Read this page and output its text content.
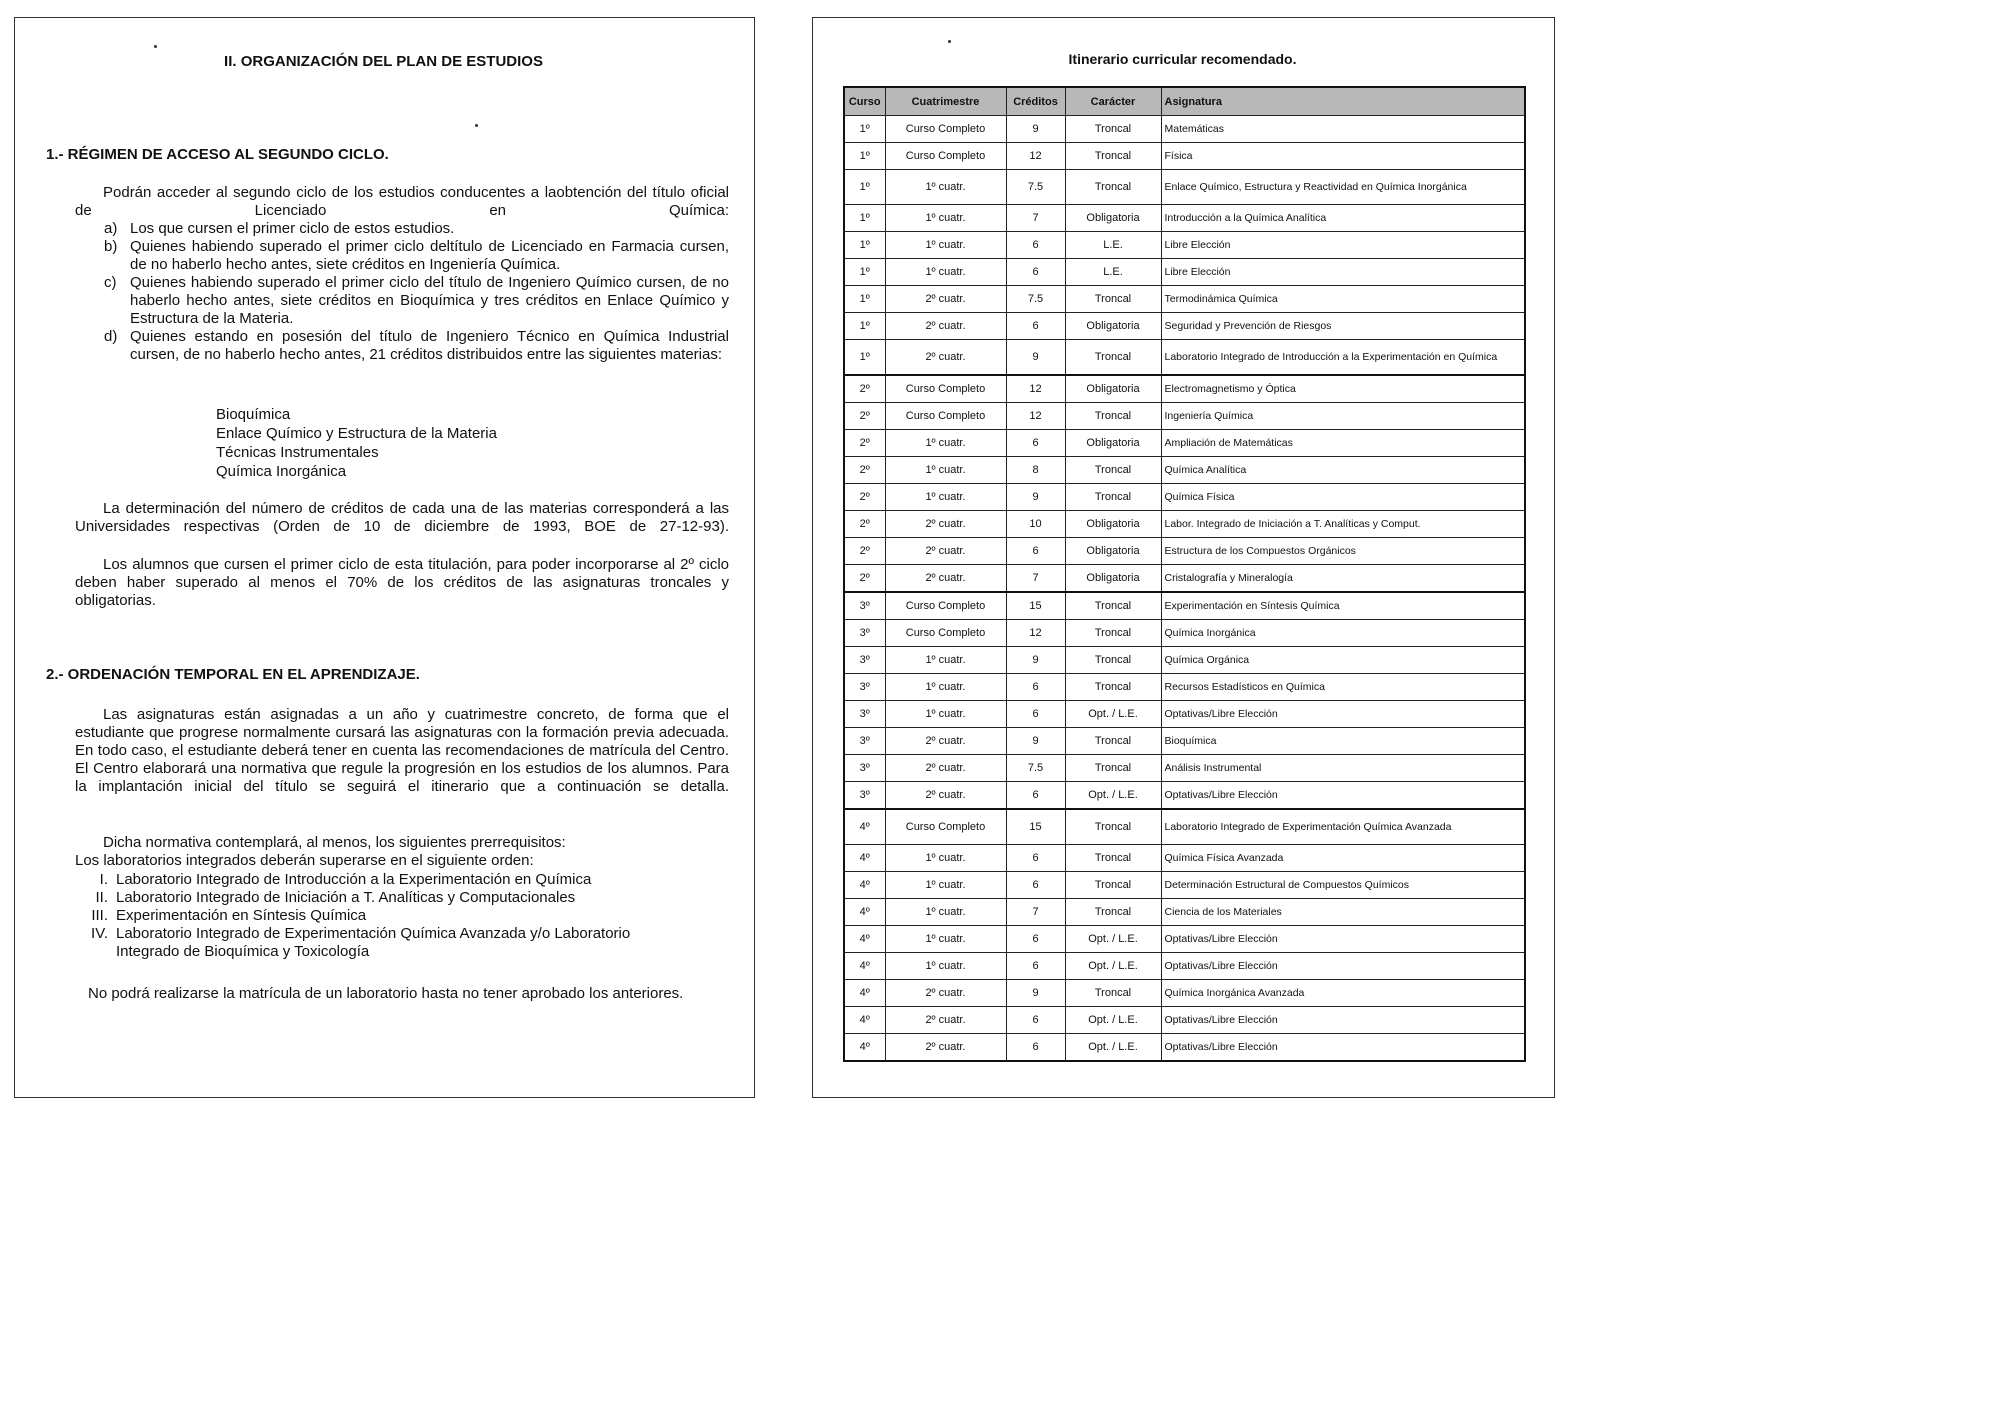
II. ORGANIZACIÓN DEL PLAN DE ESTUDIOS
1.- RÉGIMEN DE ACCESO AL SEGUNDO CICLO.
Podrán acceder al segundo ciclo de los estudios conducentes a laobtención del título oficial de Licenciado en Química:
a) Los que cursen el primer ciclo de estos estudios.
b) Quienes habiendo superado el primer ciclo deltítulo de Licenciado en Farmacia cursen, de no haberlo hecho antes, siete créditos en Ingeniería Química.
c) Quienes habiendo superado el primer ciclo del título de Ingeniero Químico cursen, de no haberlo hecho antes, siete créditos en Bioquímica y tres créditos en Enlace Químico y Estructura de la Materia.
d) Quienes estando en posesión del título de Ingeniero Técnico en Química Industrial cursen, de no haberlo hecho antes, 21 créditos distribuidos entre las siguientes materias:
Bioquímica
Enlace Químico y Estructura de la Materia
Técnicas Instrumentales
Química Inorgánica
La determinación del número de créditos de cada una de las materias corresponderá a las Universidades respectivas (Orden de 10 de diciembre de 1993, BOE de 27-12-93).
Los alumnos que cursen el primer ciclo de esta titulación, para poder incorporarse al 2º ciclo deben haber superado al menos el 70% de los créditos de las asignaturas troncales y obligatorias.
2.- ORDENACIÓN TEMPORAL EN EL APRENDIZAJE.
Las asignaturas están asignadas a un año y cuatrimestre concreto, de forma que el estudiante que progrese normalmente cursará las asignaturas con la formación previa adecuada. En todo caso, el estudiante deberá tener en cuenta las recomendaciones de matrícula del Centro. El Centro elaborará una normativa que regule la progresión en los estudios de los alumnos. Para la implantación inicial del título se seguirá el itinerario que a continuación se detalla.
Dicha normativa contemplará, al menos, los siguientes prerrequisitos:
Los laboratorios integrados deberán superarse en el siguiente orden:
I. Laboratorio Integrado de Introducción a la Experimentación en Química
II. Laboratorio Integrado de Iniciación a T. Analíticas y Computacionales
III. Experimentación en Síntesis Química
IV. Laboratorio Integrado de Experimentación Química Avanzada y/o Laboratorio Integrado de Bioquímica y Toxicología
No podrá realizarse la matrícula de un laboratorio hasta no tener aprobado los anteriores.
Itinerario curricular recomendado.
Curso	Cuatrimestre	Créditos	Carácter	Asignatura
1º	Curso Completo	9	Troncal	Matemáticas
1º	Curso Completo	12	Troncal	Física
1º	1º cuatr.	7.5	Troncal	Enlace Químico, Estructura y Reactividad en Química Inorgánica
1º	1º cuatr.	7	Obligatoria	Introducción a la Química Analítica
1º	1º cuatr.	6	L.E.	Libre Elección
1º	1º cuatr.	6	L.E.	Libre Elección
1º	2º cuatr.	7.5	Troncal	Termodinámica Química
1º	2º cuatr.	6	Obligatoria	Seguridad y Prevención de Riesgos
1º	2º cuatr.	9	Troncal	Laboratorio Integrado de Introducción a la Experimentación en Química
2º	Curso Completo	12	Obligatoria	Electromagnetismo y Óptica
2º	Curso Completo	12	Troncal	Ingeniería Química
2º	1º cuatr.	6	Obligatoria	Ampliación de Matemáticas
2º	1º cuatr.	8	Troncal	Química Analítica
2º	1º cuatr.	9	Troncal	Química Física
2º	2º cuatr.	10	Obligatoria	Labor. Integrado de Iniciación a T. Analíticas y Comput.
2º	2º cuatr.	6	Obligatoria	Estructura de los Compuestos Orgánicos
2º	2º cuatr.	7	Obligatoria	Cristalografía y Mineralogía
3º	Curso Completo	15	Troncal	Experimentación en Síntesis Química
3º	Curso Completo	12	Troncal	Química Inorgánica
3º	1º cuatr.	9	Troncal	Química Orgánica
3º	1º cuatr.	6	Troncal	Recursos Estadísticos en Química
3º	1º cuatr.	6	Opt. / L.E.	Optativas/Libre Elección
3º	2º cuatr.	9	Troncal	Bioquímica
3º	2º cuatr.	7.5	Troncal	Análisis Instrumental
3º	2º cuatr.	6	Opt. / L.E.	Optativas/Libre Elección
4º	Curso Completo	15	Troncal	Laboratorio Integrado de Experimentación Química Avanzada
4º	1º cuatr.	6	Troncal	Química Física Avanzada
4º	1º cuatr.	6	Troncal	Determinación Estructural de Compuestos Químicos
4º	1º cuatr.	7	Troncal	Ciencia de los Materiales
4º	1º cuatr.	6	Opt. / L.E.	Optativas/Libre Elección
4º	1º cuatr.	6	Opt. / L.E.	Optativas/Libre Elección
4º	2º cuatr.	9	Troncal	Química Inorgánica Avanzada
4º	2º cuatr.	6	Opt. / L.E.	Optativas/Libre Elección
4º	2º cuatr.	6	Opt. / L.E.	Optativas/Libre Elección
